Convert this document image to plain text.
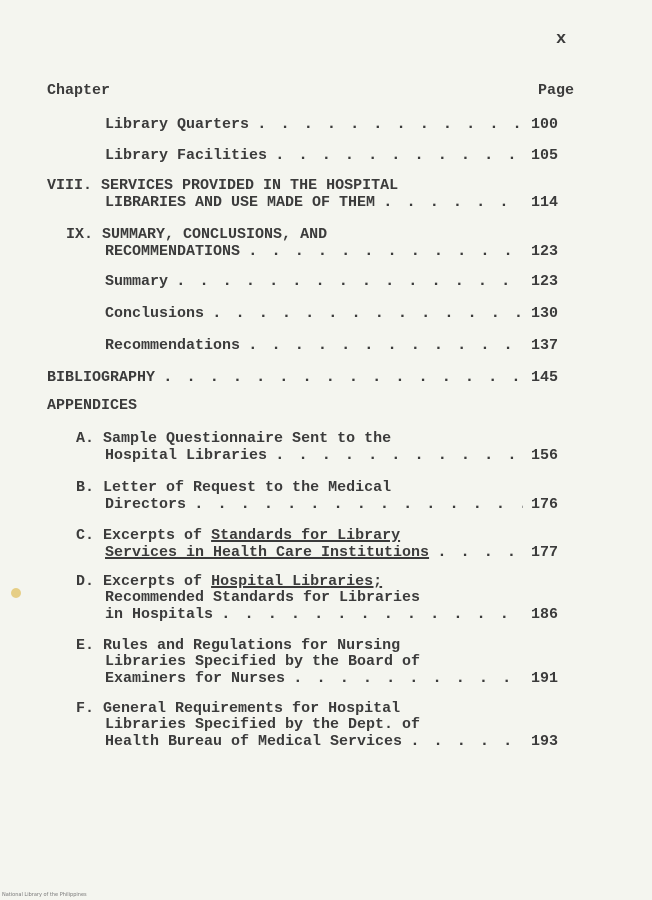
x
Chapter	Page
Library Quarters . . .	100
Library Facilities . . .	105
VIII. SERVICES PROVIDED IN THE HOSPITAL
LIBRARIES AND USE MADE OF THEM . . .	114
IX. SUMMARY, CONCLUSIONS, AND
RECOMMENDATIONS . . .	123
Summary . . .	123
Conclusions . . .	130
Recommendations . . .	137
BIBLIOGRAPHY . . .	145
APPENDICES
A. Sample Questionnaire Sent to the
Hospital Libraries . . .	156
B. Letter of Request to the Medical
Directors . . .	176
C. Excerpts of Standards for Library
Services in Health Care Institutions . . .	177
D. Excerpts of Hospital Libraries;
Recommended Standards for Libraries
in Hospitals . . .	186
E. Rules and Regulations for Nursing
Libraries Specified by the Board of
Examiners for Nurses . . .	191
F. General Requirements for Hospital
Libraries Specified by the Dept. of
Health Bureau of Medical Services . . .	193
National Library of the Philippines
